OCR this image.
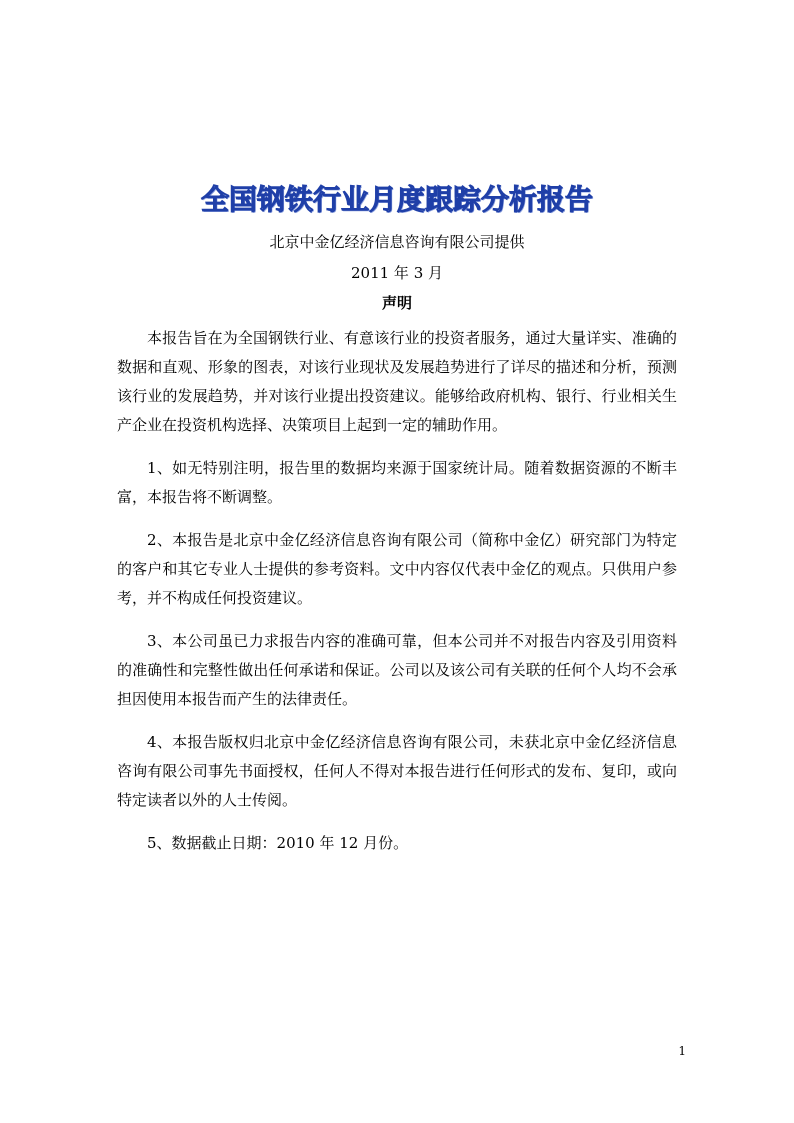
全国钢铁行业月度跟踪分析报告
北京中金亿经济信息咨询有限公司提供
2011 年 3 月
声明

本报告旨在为全国钢铁行业、有意该行业的投资者服务，通过大量详实、准确的数据和直观、形象的图表，对该行业现状及发展趋势进行了详尽的描述和分析，预测该行业的发展趋势，并对该行业提出投资建议。能够给政府机构、银行、行业相关生产企业在投资机构选择、决策项目上起到一定的辅助作用。

1、如无特别注明，报告里的数据均来源于国家统计局。随着数据资源的不断丰富，本报告将不断调整。

2、本报告是北京中金亿经济信息咨询有限公司（简称中金亿）研究部门为特定的客户和其它专业人士提供的参考资料。文中内容仅代表中金亿的观点。只供用户参考，并不构成任何投资建议。

3、本公司虽已力求报告内容的准确可靠，但本公司并不对报告内容及引用资料的准确性和完整性做出任何承诺和保证。公司以及该公司有关联的任何个人均不会承担因使用本报告而产生的法律责任。

4、本报告版权归北京中金亿经济信息咨询有限公司，未获北京中金亿经济信息咨询有限公司事先书面授权，任何人不得对本报告进行任何形式的发布、复印，或向特定读者以外的人士传阅。

5、数据截止日期：2010 年 12 月份。

1
